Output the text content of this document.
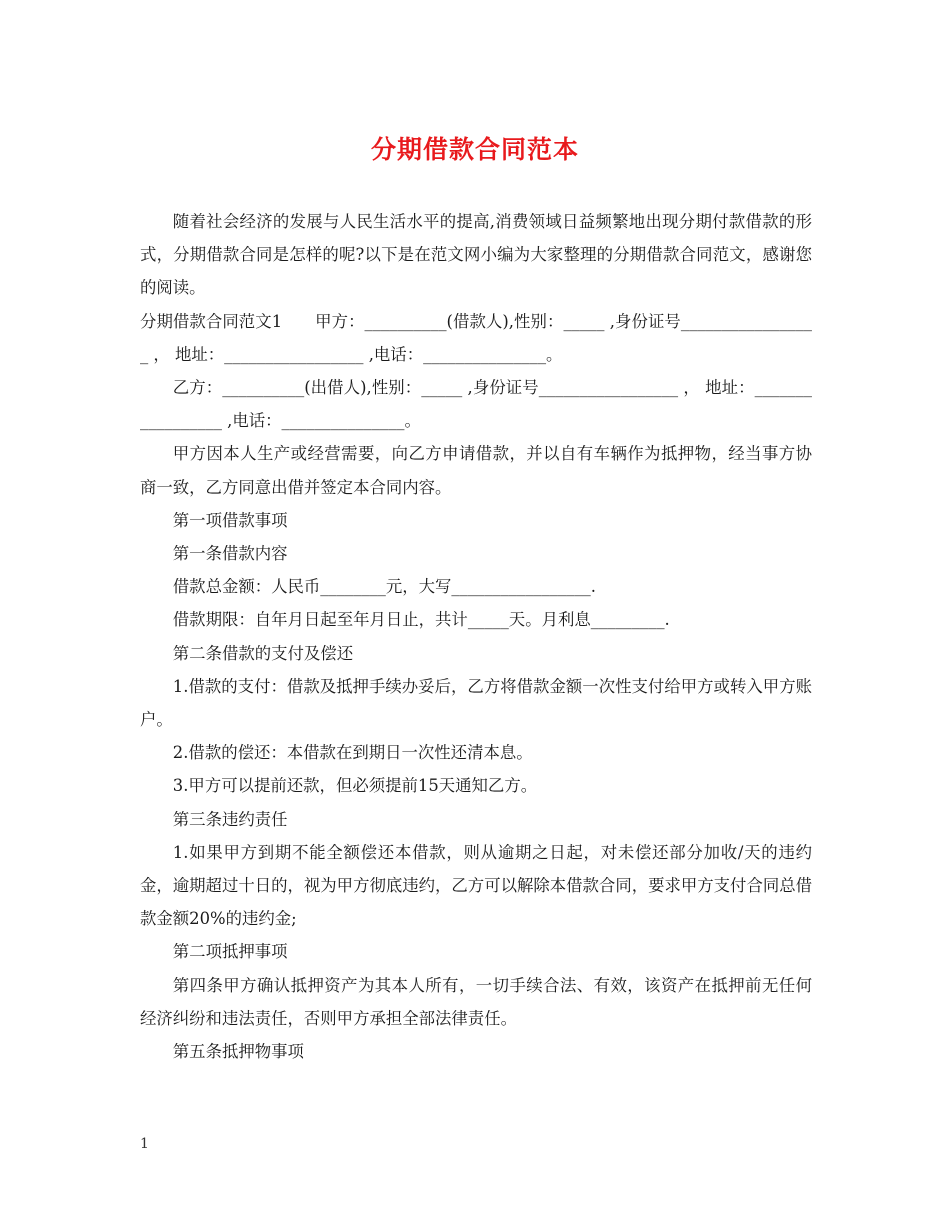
分期借款合同范本

随着社会经济的发展与人民生活水平的提高,消费领域日益频繁地出现分期付款借款的形式，分期借款合同是怎样的呢?以下是在范文网小编为大家整理的分期借款合同范文，感谢您的阅读。

分期借款合同范文1　　甲方：__________(借款人),性别：_____ ,身份证号_________________ ， 地址：_________________ ,电话：_______________。

乙方：__________(出借人),性别：_____ ,身份证号_________________ ， 地址：_________________ ,电话：_______________。

甲方因本人生产或经营需要，向乙方申请借款，并以自有车辆作为抵押物，经当事方协商一致，乙方同意出借并签定本合同内容。

第一项借款事项

第一条借款内容

借款总金额：人民币________元，大写_________________.

借款期限：自年月日起至年月日止，共计_____天。月利息_________.

第二条借款的支付及偿还

1.借款的支付：借款及抵押手续办妥后，乙方将借款金额一次性支付给甲方或转入甲方账户。

2.借款的偿还：本借款在到期日一次性还清本息。

3.甲方可以提前还款，但必须提前15天通知乙方。

第三条违约责任

1.如果甲方到期不能全额偿还本借款，则从逾期之日起，对未偿还部分加收/天的违约金，逾期超过十日的，视为甲方彻底违约，乙方可以解除本借款合同，要求甲方支付合同总借款金额20%的违约金;

第二项抵押事项

第四条甲方确认抵押资产为其本人所有，一切手续合法、有效，该资产在抵押前无任何经济纠纷和违法责任，否则甲方承担全部法律责任。

第五条抵押物事项

1
